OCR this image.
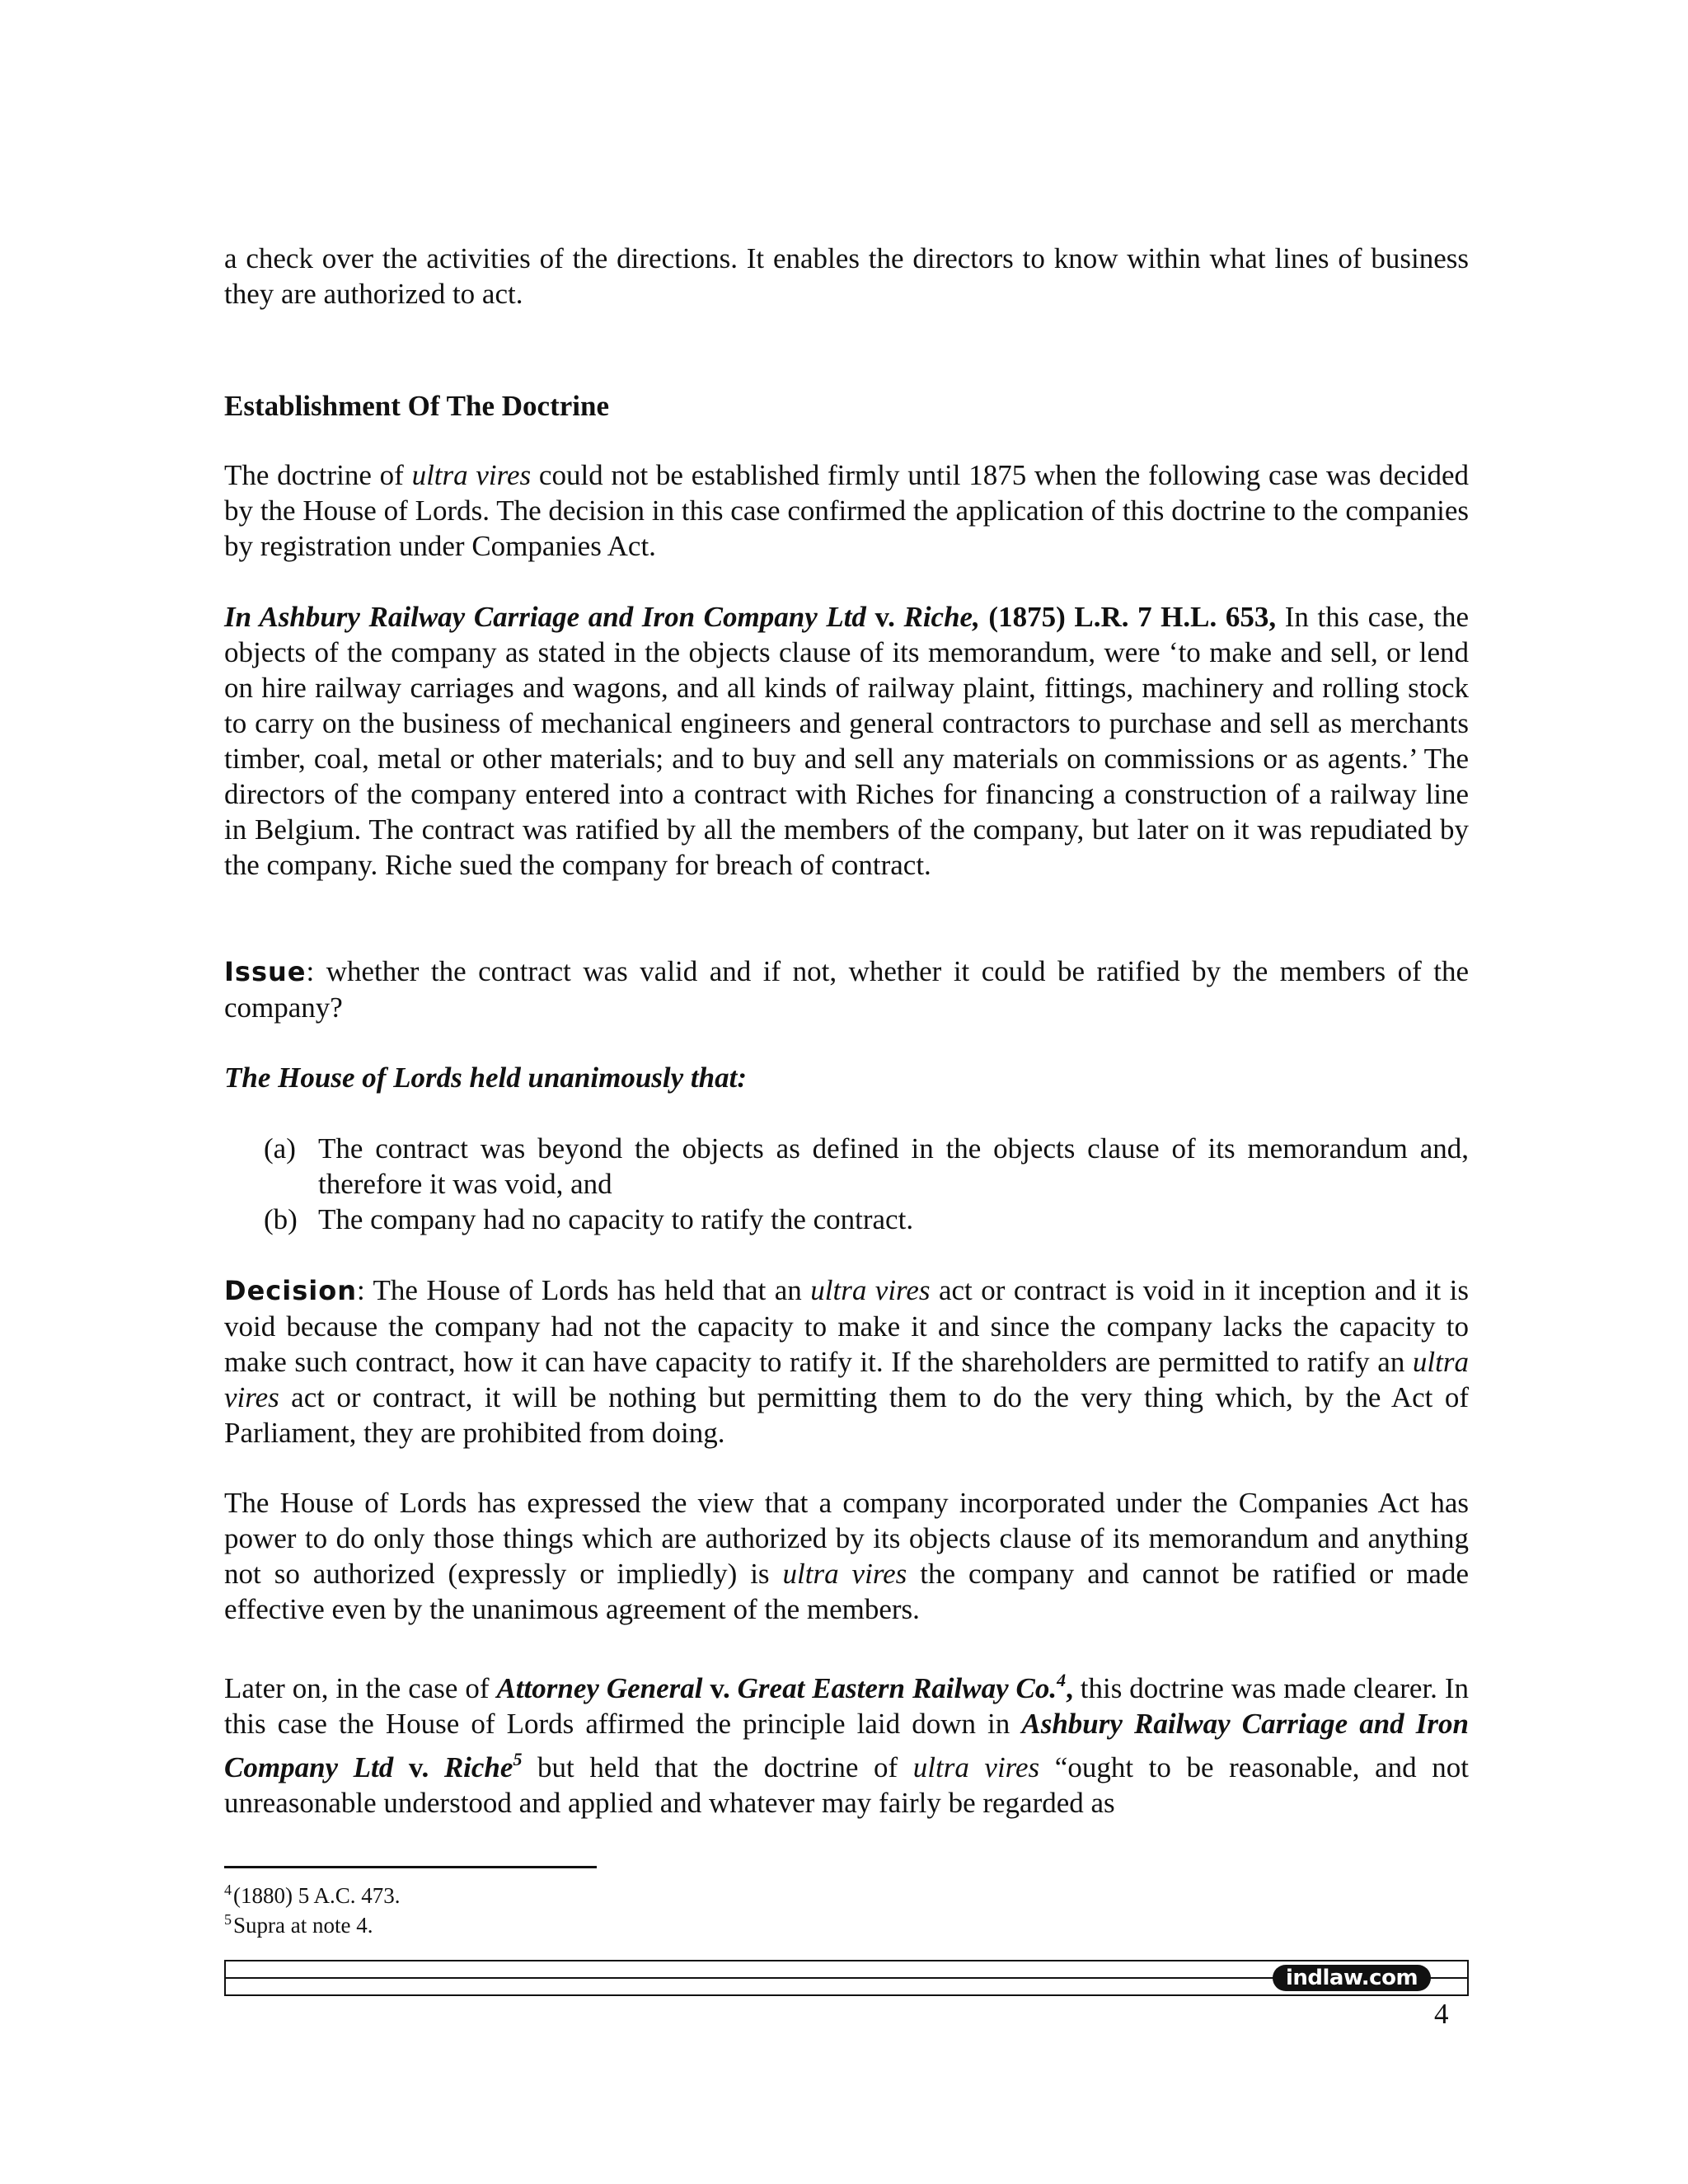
a check over the activities of the directions. It enables the directors to know within what lines of business they are authorized to act.

Establishment Of The Doctrine

The doctrine of ultra vires could not be established firmly until 1875 when the following case was decided by the House of Lords. The decision in this case confirmed the application of this doctrine to the companies by registration under Companies Act.

In Ashbury Railway Carriage and Iron Company Ltd v. Riche, (1875) L.R. 7 H.L. 653, In this case, the objects of the company as stated in the objects clause of its memorandum, were ‘to make and sell, or lend on hire railway carriages and wagons, and all kinds of railway plaint, fittings, machinery and rolling stock to carry on the business of mechanical engineers and general contractors to purchase and sell as merchants timber, coal, metal or other materials; and to buy and sell any materials on commissions or as agents.’ The directors of the company entered into a contract with Riches for financing a construction of a railway line in Belgium. The contract was ratified by all the members of the company, but later on it was repudiated by the company. Riche sued the company for breach of contract.

Issue: whether the contract was valid and if not, whether it could be ratified by the members of the company?

The House of Lords held unanimously that:
(a) The contract was beyond the objects as defined in the objects clause of its memorandum and, therefore it was void, and
(b) The company had no capacity to ratify the contract.

Decision: The House of Lords has held that an ultra vires act or contract is void in it inception and it is void because the company had not the capacity to make it and since the company lacks the capacity to make such contract, how it can have capacity to ratify it. If the shareholders are permitted to ratify an ultra vires act or contract, it will be nothing but permitting them to do the very thing which, by the Act of Parliament, they are prohibited from doing.

The House of Lords has expressed the view that a company incorporated under the Companies Act has power to do only those things which are authorized by its objects clause of its memorandum and anything not so authorized (expressly or impliedly) is ultra vires the company and cannot be ratified or made effective even by the unanimous agreement of the members.

Later on, in the case of Attorney General v. Great Eastern Railway Co.$^4$, this doctrine was made clearer. In this case the House of Lords affirmed the principle laid down in Ashbury Railway Carriage and Iron Company Ltd v. Riche$^5$ but held that the doctrine of ultra vires “ought to be reasonable, and not unreasonable understood and applied and whatever may fairly be regarded as

$^4$(1880) 5 A.C. 473.

$^5$Supra at note 4.

indlaw.com
4
